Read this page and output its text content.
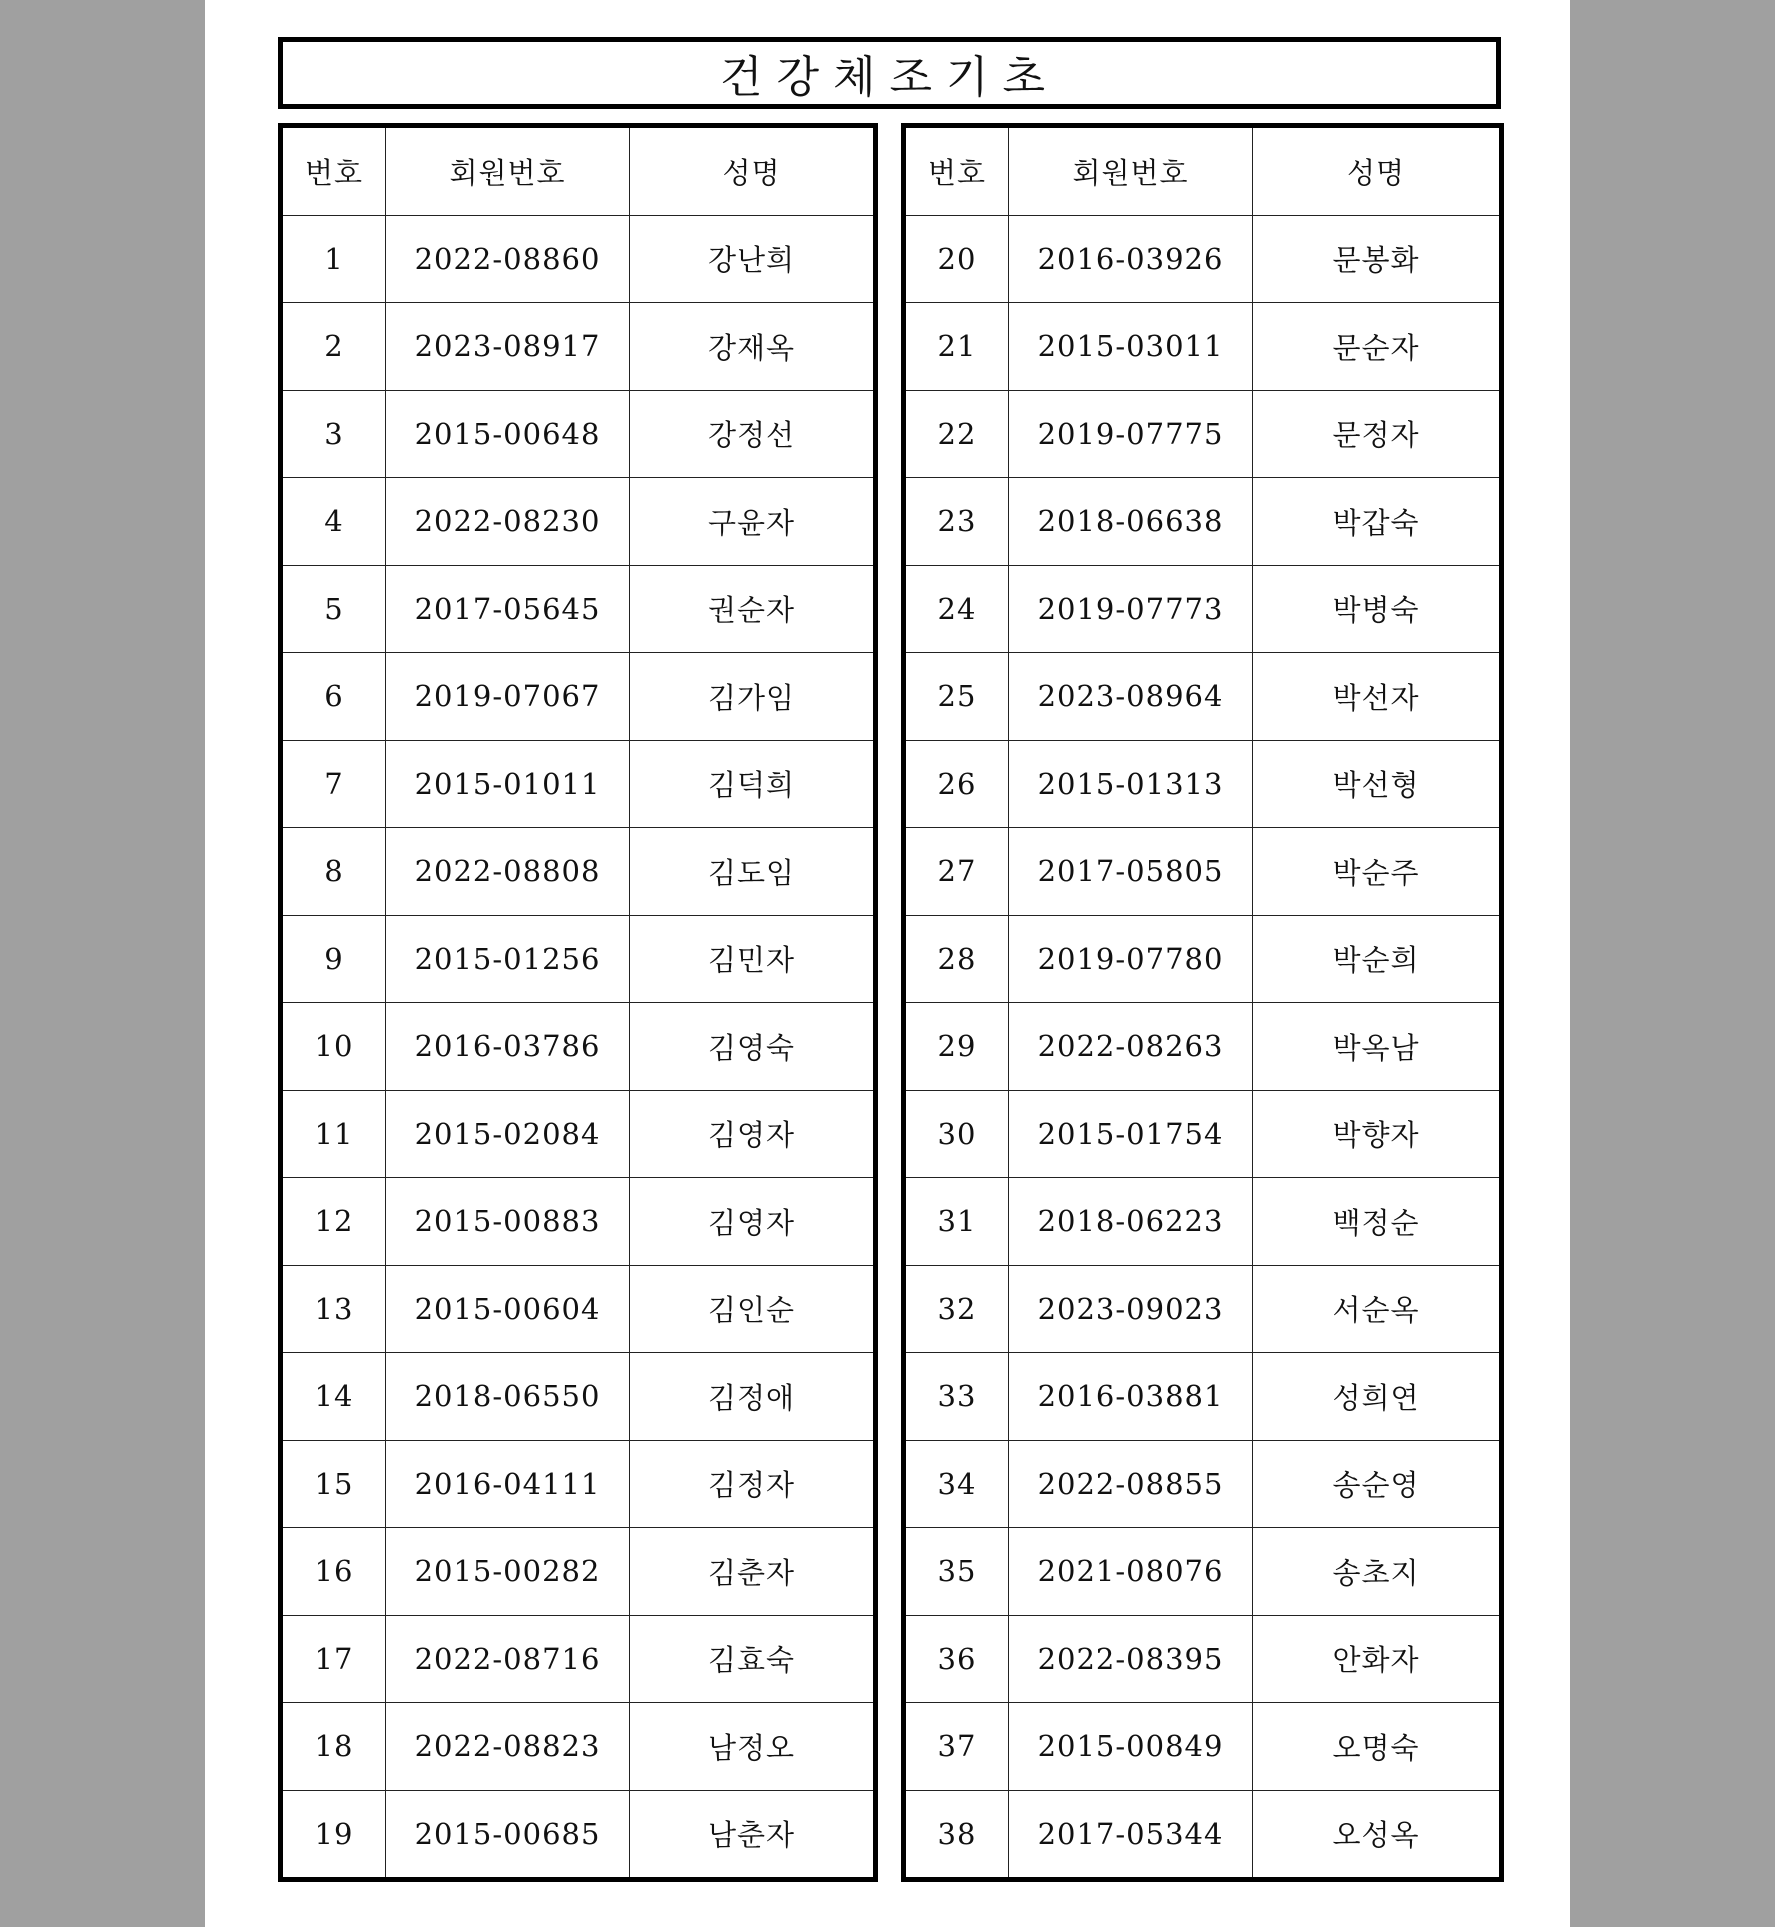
건강체조기초
번호	회원번호	성명
1	2022-08860	강난희
2	2023-08917	강재옥
3	2015-00648	강정선
4	2022-08230	구윤자
5	2017-05645	권순자
6	2019-07067	김가임
7	2015-01011	김덕희
8	2022-08808	김도임
9	2015-01256	김민자
10	2016-03786	김영숙
11	2015-02084	김영자
12	2015-00883	김영자
13	2015-00604	김인순
14	2018-06550	김정애
15	2016-04111	김정자
16	2015-00282	김춘자
17	2022-08716	김효숙
18	2022-08823	남정오
19	2015-00685	남춘자
번호	회원번호	성명
20	2016-03926	문봉화
21	2015-03011	문순자
22	2019-07775	문정자
23	2018-06638	박갑숙
24	2019-07773	박병숙
25	2023-08964	박선자
26	2015-01313	박선형
27	2017-05805	박순주
28	2019-07780	박순희
29	2022-08263	박옥남
30	2015-01754	박향자
31	2018-06223	백정순
32	2023-09023	서순옥
33	2016-03881	성희연
34	2022-08855	송순영
35	2021-08076	송초지
36	2022-08395	안화자
37	2015-00849	오명숙
38	2017-05344	오성옥
